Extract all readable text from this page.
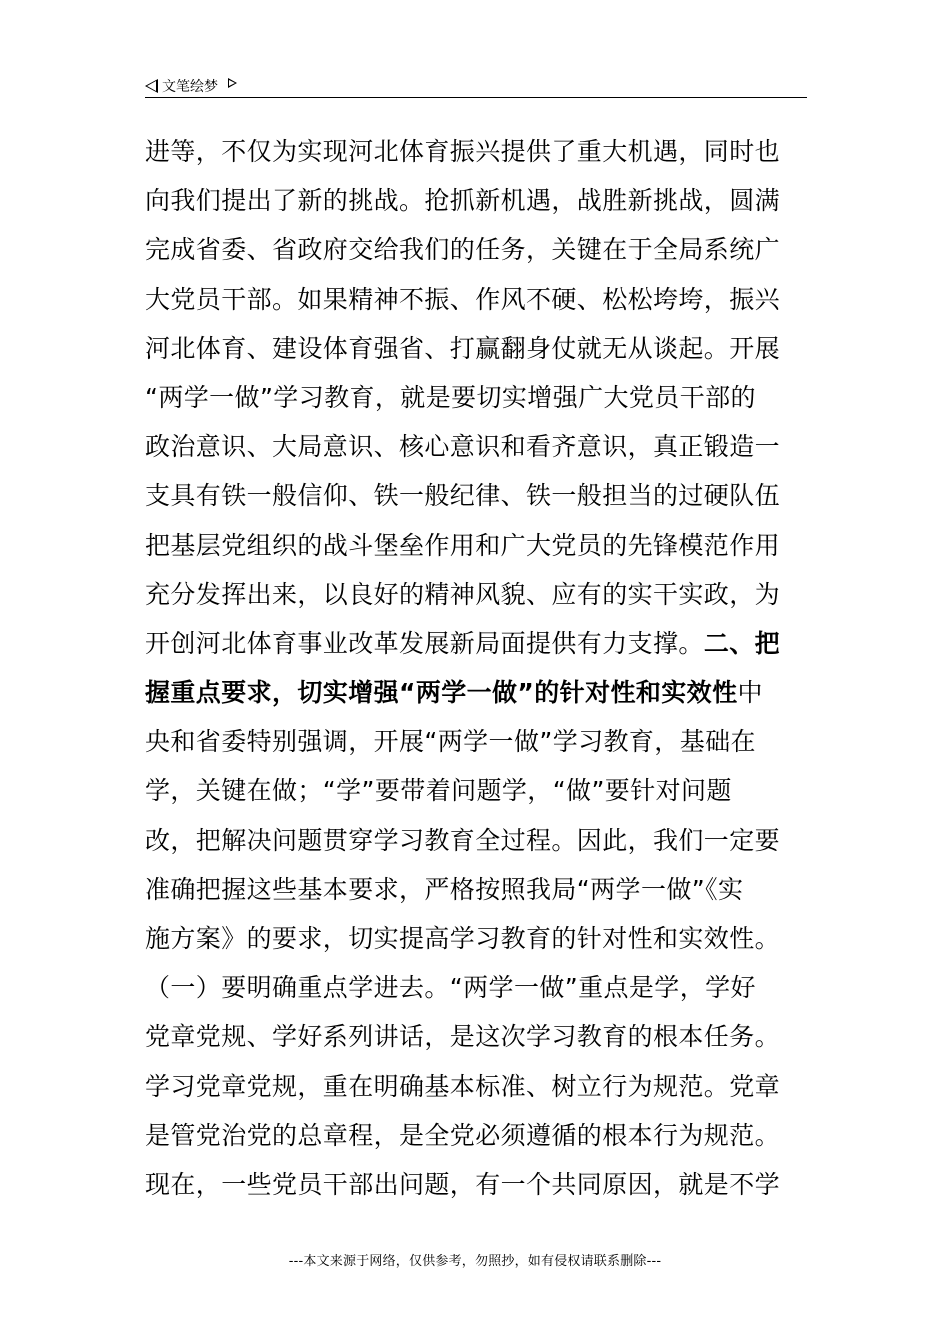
文笔绘梦
进等，不仅为实现河北体育振兴提供了重大机遇，同时也
向我们提出了新的挑战。抢抓新机遇，战胜新挑战，圆满
完成省委、省政府交给我们的任务，关键在于全局系统广
大党员干部。如果精神不振、作风不硬、松松垮垮，振兴
河北体育、建设体育强省、打赢翻身仗就无从谈起。开展
“两学一做”学习教育，就是要切实增强广大党员干部的
政治意识、大局意识、核心意识和看齐意识，真正锻造一
支具有铁一般信仰、铁一般纪律、铁一般担当的过硬队伍
把基层党组织的战斗堡垒作用和广大党员的先锋模范作用
充分发挥出来，以良好的精神风貌、应有的实干实政，为
开创河北体育事业改革发展新局面提供有力支撑。二、把
握重点要求，切实增强“两学一做”的针对性和实效性中
央和省委特别强调，开展“两学一做”学习教育，基础在
学，关键在做；“学”要带着问题学，“做”要针对问题
改，把解决问题贯穿学习教育全过程。因此，我们一定要
准确把握这些基本要求，严格按照我局“两学一做”《实
施方案》的要求，切实提高学习教育的针对性和实效性。
（一）要明确重点学进去。“两学一做”重点是学，学好
党章党规、学好系列讲话，是这次学习教育的根本任务。
学习党章党规，重在明确基本标准、树立行为规范。党章
是管党治党的总章程，是全党必须遵循的根本行为规范。
现在，一些党员干部出问题，有一个共同原因，就是不学
---本文来源于网络，仅供参考，勿照抄，如有侵权请联系删除---
